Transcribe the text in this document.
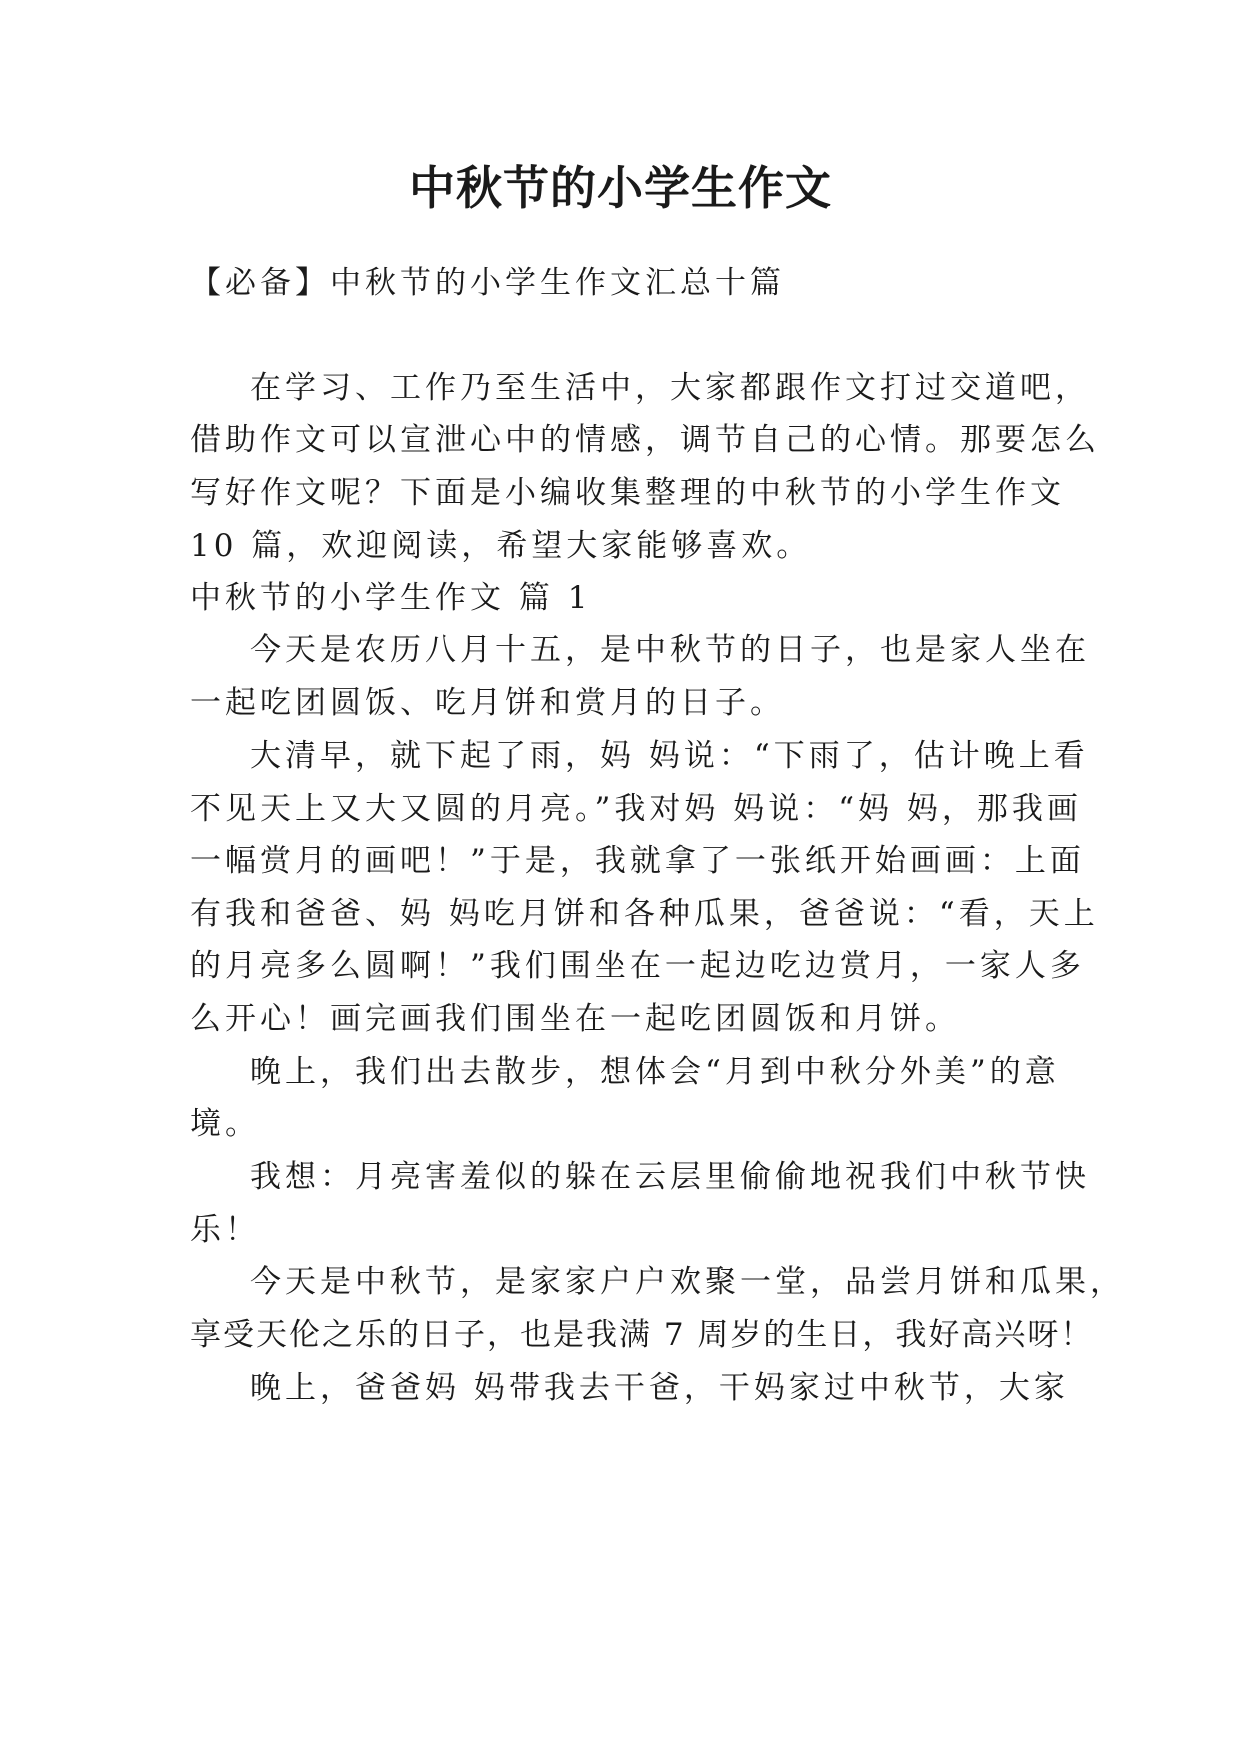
中秋节的小学生作文

【必备】中秋节的小学生作文汇总十篇

在学习、工作乃至生活中，大家都跟作文打过交道吧，

借助作文可以宣泄心中的情感，调节自己的心情。那要怎么

写好作文呢？下面是小编收集整理的中秋节的小学生作文

10 篇，欢迎阅读，希望大家能够喜欢。

中秋节的小学生作文 篇 1

今天是农历八月十五，是中秋节的日子，也是家人坐在

一起吃团圆饭、吃月饼和赏月的日子。

大清早，就下起了雨，妈 妈说：“下雨了，估计晚上看

不见天上又大又圆的月亮。”我对妈 妈说：“妈 妈，那我画

一幅赏月的画吧！”于是，我就拿了一张纸开始画画：上面

有我和爸爸、妈 妈吃月饼和各种瓜果，爸爸说：“看，天上

的月亮多么圆啊！”我们围坐在一起边吃边赏月，一家人多

么开心！画完画我们围坐在一起吃团圆饭和月饼。

晚上，我们出去散步，想体会“月到中秋分外美”的意

境。

我想：月亮害羞似的躲在云层里偷偷地祝我们中秋节快

乐！

今天是中秋节，是家家户户欢聚一堂，品尝月饼和瓜果，

享受天伦之乐的日子，也是我满 7 周岁的生日，我好高兴呀！

晚上，爸爸妈 妈带我去干爸，干妈家过中秋节，大家
